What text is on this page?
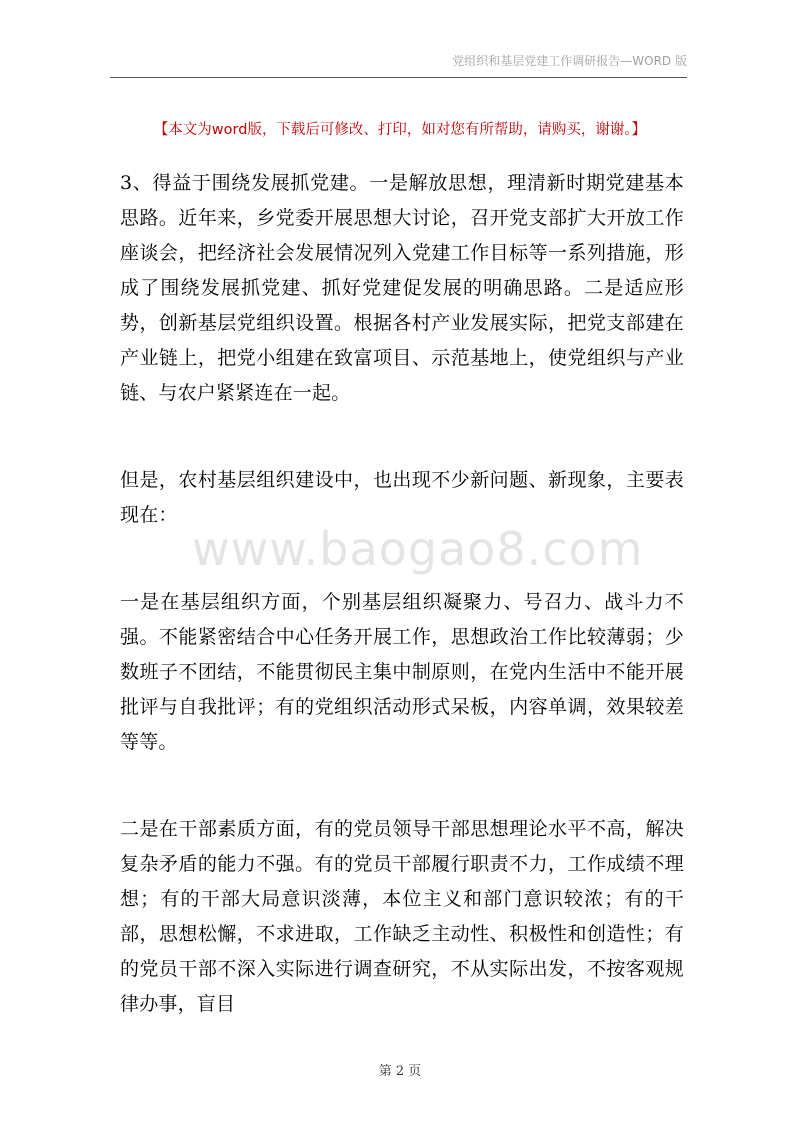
党组织和基层党建工作调研报告—WORD 版
【本文为word版，下载后可修改、打印，如对您有所帮助，请购买，谢谢。】

3、得益于围绕发展抓党建。一是解放思想，理清新时期党建基本思路。近年来，乡党委开展思想大讨论，召开党支部扩大开放工作座谈会，把经济社会发展情况列入党建工作目标等一系列措施，形成了围绕发展抓党建、抓好党建促发展的明确思路。二是适应形势，创新基层党组织设置。根据各村产业发展实际，把党支部建在产业链上，把党小组建在致富项目、示范基地上，使党组织与产业链、与农户紧紧连在一起。

但是，农村基层组织建设中，也出现不少新问题、新现象，主要表现在：

一是在基层组织方面，个别基层组织凝聚力、号召力、战斗力不强。不能紧密结合中心任务开展工作，思想政治工作比较薄弱；少数班子不团结，不能贯彻民主集中制原则，在党内生活中不能开展批评与自我批评；有的党组织活动形式呆板，内容单调，效果较差等等。

二是在干部素质方面，有的党员领导干部思想理论水平不高，解决复杂矛盾的能力不强。有的党员干部履行职责不力，工作成绩不理想；有的干部大局意识淡薄，本位主义和部门意识较浓；有的干部，思想松懈，不求进取，工作缺乏主动性、积极性和创造性；有的党员干部不深入实际进行调查研究，不从实际出发，不按客观规律办事，盲目

www.baogao8.com
第 2 页
